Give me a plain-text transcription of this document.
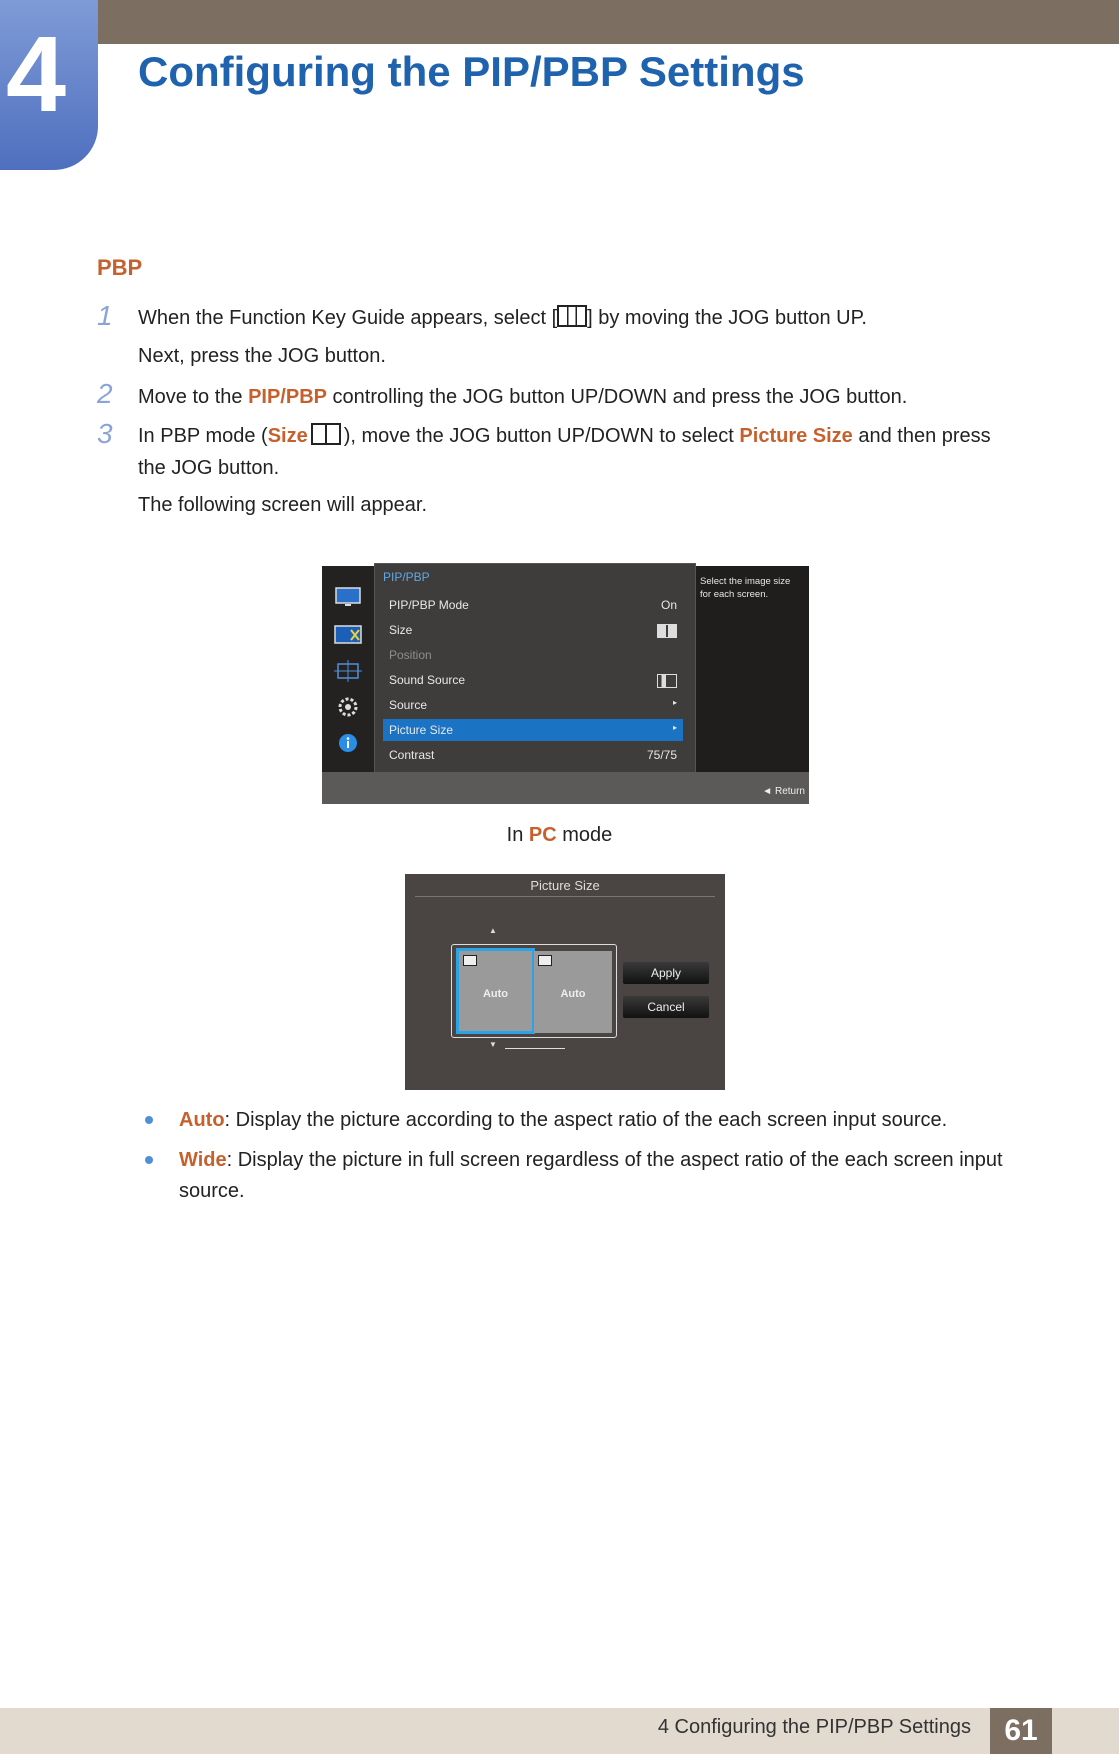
4 Configuring the PIP/PBP Settings
PBP
1 When the Function Key Guide appears, select [ ] by moving the JOG button UP.
Next, press the JOG button.
2 Move to the PIP/PBP controlling the JOG button UP/DOWN and press the JOG button.
3 In PBP mode (Size ), move the JOG button UP/DOWN to select Picture Size and then press
the JOG button.
The following screen will appear.
PIP/PBP
PIP/PBP Mode	On
Size
Position
Sound Source
Source	▸
Picture Size	▸
Contrast	75/75
Select the image size for each screen.
◄ Return
In PC mode
Picture Size
▲
Auto	Auto
▼
Apply
Cancel
Auto: Display the picture according to the aspect ratio of the each screen input source.
Wide: Display the picture in full screen regardless of the aspect ratio of the each screen input
source.
4 Configuring the PIP/PBP Settings	61
